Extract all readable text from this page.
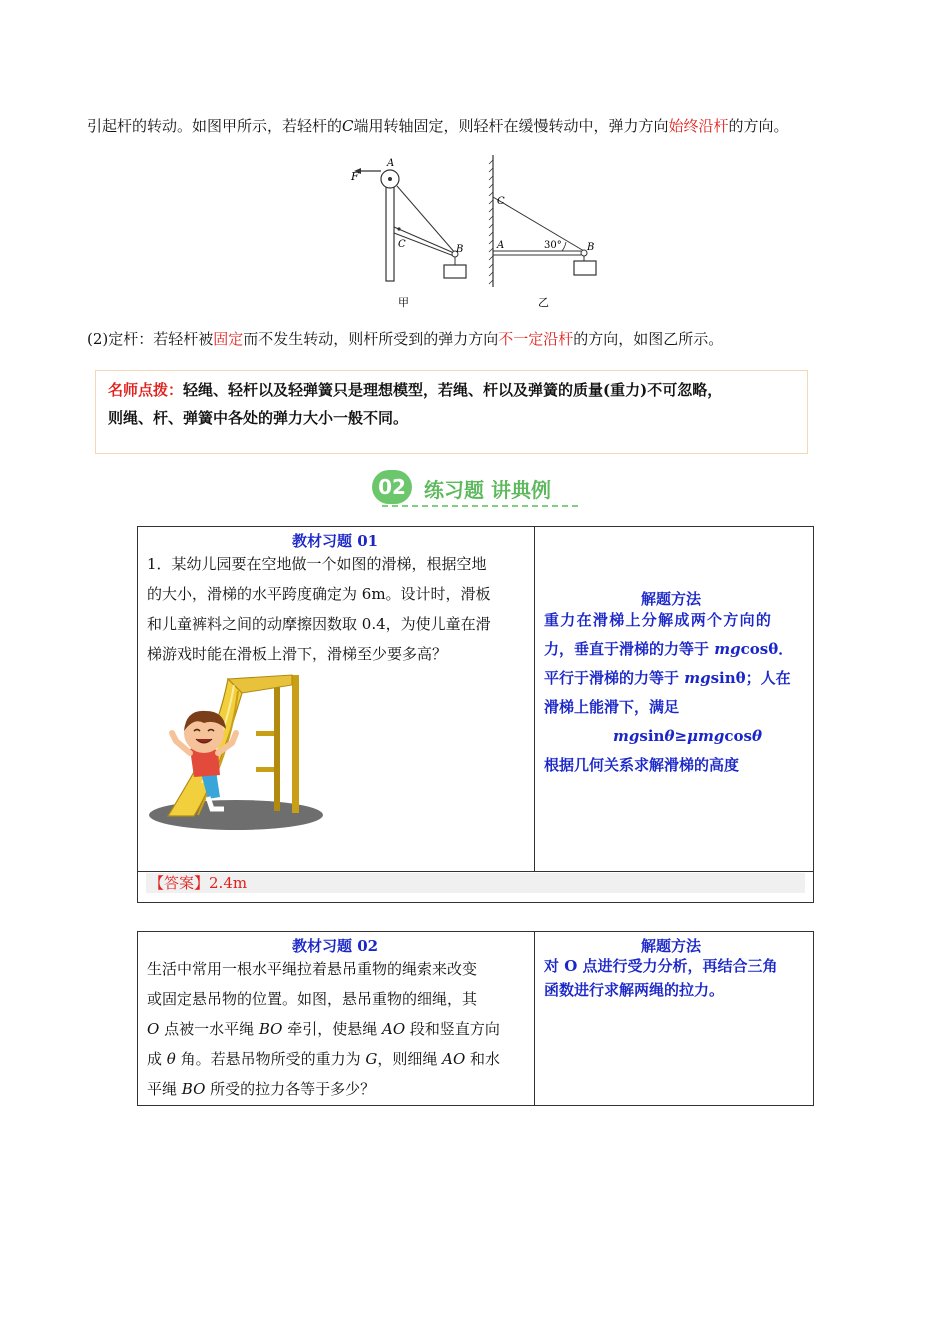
引起杆的转动。如图甲所示，若轻杆的C端用转轴固定，则轻杆在缓慢转动中，弹力方向始终沿杆的方向。
A
F
C	B
甲
C
A	30°	B
乙
(2)定杆：若轻杆被固定而不发生转动，则杆所受到的弹力方向不一定沿杆的方向，如图乙所示。
名师点拨：轻绳、轻杆以及轻弹簧只是理想模型，若绳、杆以及弹簧的质量(重力)不可忽略，
则绳、杆、弹簧中各处的弹力大小一般不同。
02 练习题 讲典例
教材习题 01
1．某幼儿园要在空地做一个如图的滑梯，根据空地
的大小，滑梯的水平跨度确定为 6m。设计时，滑板
和儿童裤料之间的动摩擦因数取 0.4，为使儿童在滑
梯游戏时能在滑板上滑下，滑梯至少要多高？
解题方法
重力在滑梯上分解成两个方向的
力，垂直于滑梯的力等于 mgcosθ．
平行于滑梯的力等于 mgsinθ；人在
滑梯上能滑下，满足
mgsinθ≥μmgcosθ
根据几何关系求解滑梯的高度
【答案】2.4m
教材习题 02
生活中常用一根水平绳拉着悬吊重物的绳索来改变
或固定悬吊物的位置。如图，悬吊重物的细绳，其
O 点被一水平绳 BO 牵引，使悬绳 AO 段和竖直方向
成 θ 角。若悬吊物所受的重力为 G，则细绳 AO 和水
平绳 BO 所受的拉力各等于多少？
解题方法
对 O 点进行受力分析，再结合三角
函数进行求解两绳的拉力。
